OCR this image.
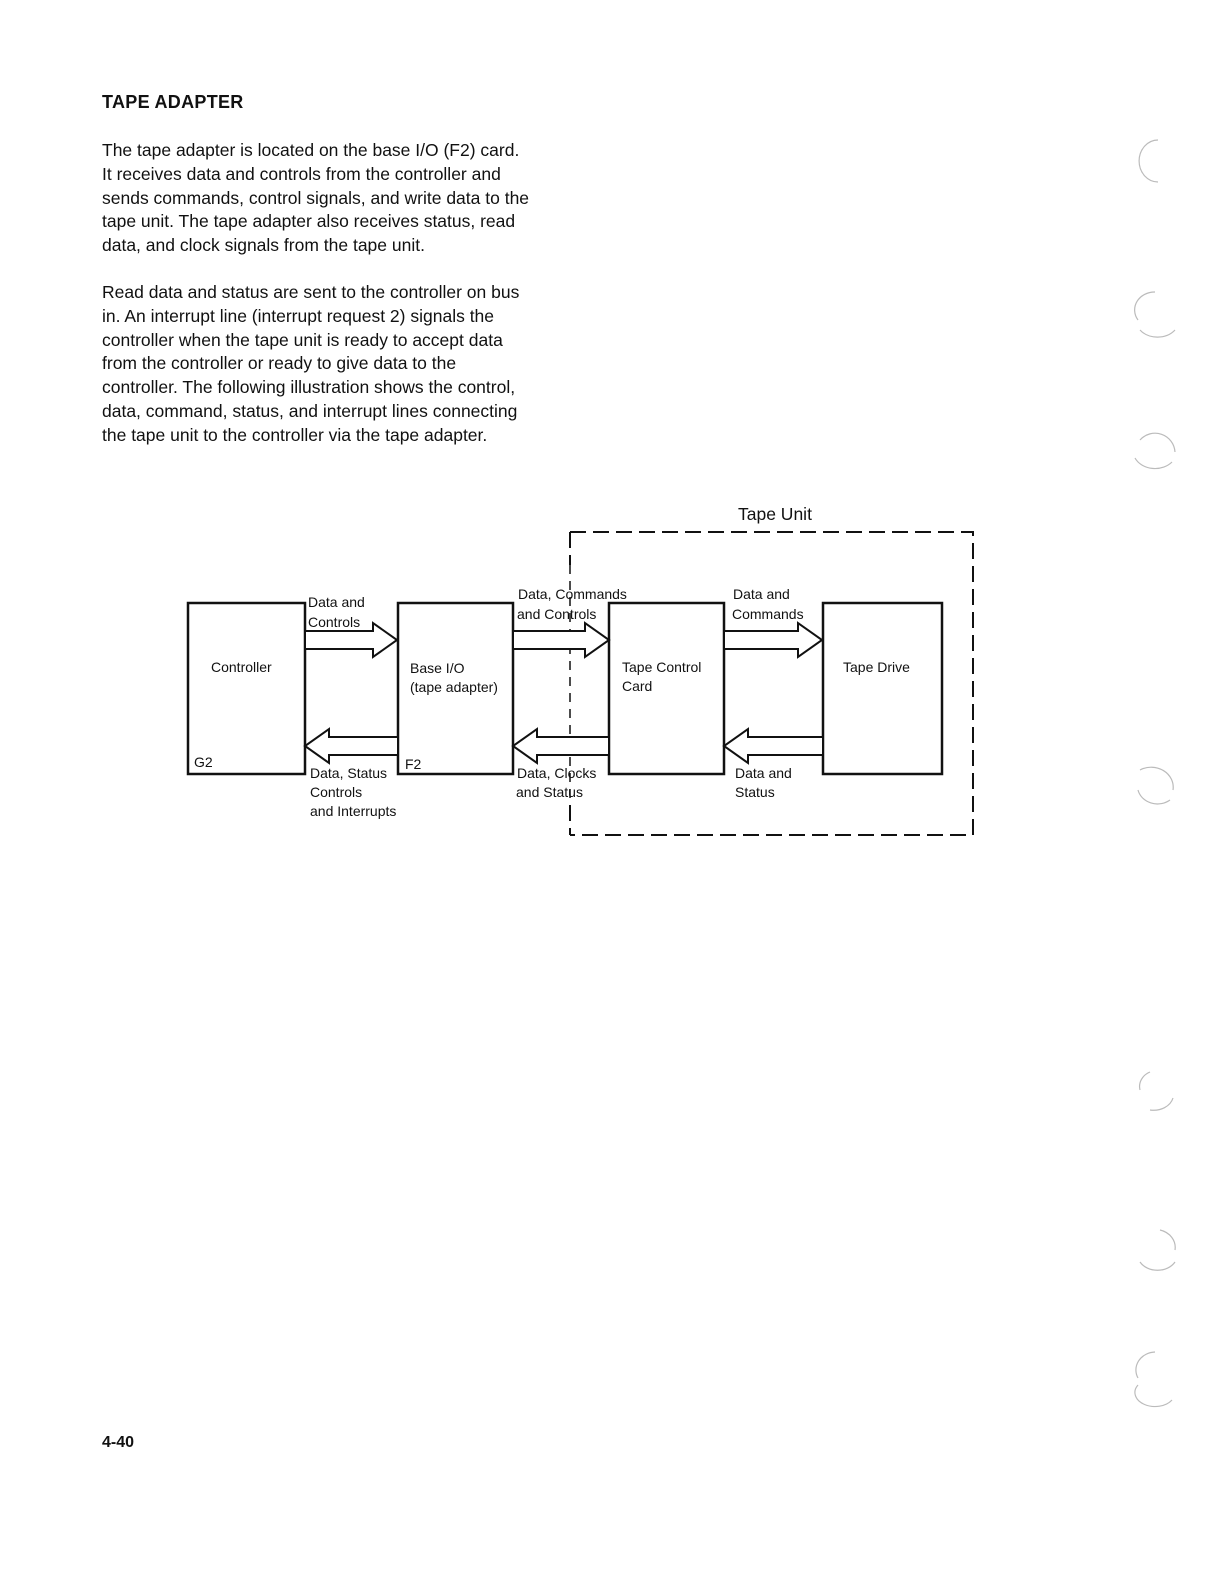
TAPE ADAPTER

The tape adapter is located on the base I/O (F2) card.
It receives data and controls from the controller and
sends commands, control signals, and write data to the
tape unit. The tape adapter also receives status, read
data, and clock signals from the tape unit.

Read data and status are sent to the controller on bus
in. An interrupt line (interrupt request 2) signals the
controller when the tape unit is ready to accept data
from the controller or ready to give data to the
controller. The following illustration shows the control,
data, command, status, and interrupt lines connecting
the tape unit to the controller via the tape adapter.

Tape Unit
Controller
G2
Base I/O
(tape adapter)
F2
Tape Control
Card
Tape Drive
Data and
Controls
Data, Status
Controls
and Interrupts
Data, Commands
and Controls
Data, Clocks
and Status
Data and
Commands
Data and
Status
4-40
